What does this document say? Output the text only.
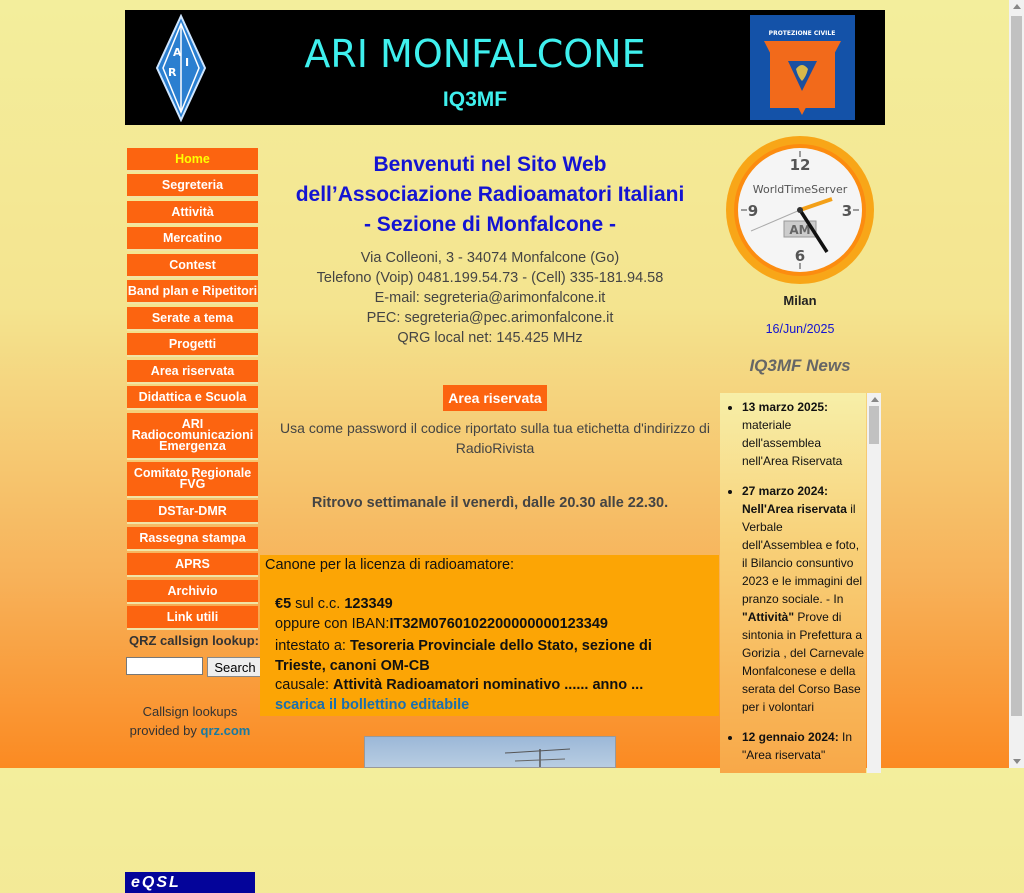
A
R
I	ARI MONFALCONE
IQ3MF
PROTEZIONE CIVILE
Home
Segreteria
Attività
Mercatino
Contest
Band plan e Ripetitori
Serate a tema
Progetti
Area riservata
Didattica e Scuola
ARI Radiocomunicazioni Emergenza
Comitato Regionale FVG
DSTar-DMR
Rassegna stampa
APRS
Archivio
Link utili
QRZ callsign lookup:
Search
Callsign lookups provided by qrz.com
eQSL
Benvenuti nel Sito Web
dell’Associazione Radioamatori Italiani
- Sezione di Monfalcone -
Via Colleoni, 3 - 34074 Monfalcone (Go)
Telefono (Voip) 0481.199.54.73 - (Cell) 335-181.94.58
E-mail: segreteria@arimonfalcone.it
PEC: segreteria@pec.arimonfalcone.it
QRG local net: 145.425 MHz
Area riservata
Usa come password il codice riportato sulla tua etichetta d'indirizzo di RadioRivista
Ritrovo settimanale il venerdì, dalle 20.30 alle 22.30.
Canone per la licenza di radioamatore:
€5 sul c.c. 123349
oppure con IBAN:IT32M0760102200000000123349
intestato a: Tesoreria Provinciale dello Stato, sezione di Trieste, canoni OM-CB
causale: Attività Radioamatori nominativo ...... anno ...
scarica il bollettino editabile
12
3
6
9
WorldTimeServer
AM
Milan
16/Jun/2025
IQ3MF News
• 13 marzo 2025:
materiale dell'assemblea nell'Area Riservata
• 27 marzo 2024:
Nell'Area riservata il Verbale dell'Assemblea e foto, il Bilancio consuntivo 2023 e le immagini del pranzo sociale. - In "Attività" Prove di sintonia in Prefettura a Gorizia , del Carnevale Monfalconese e della serata del Corso Base per i volontari
• 12 gennaio 2024: In "Area riservata"
